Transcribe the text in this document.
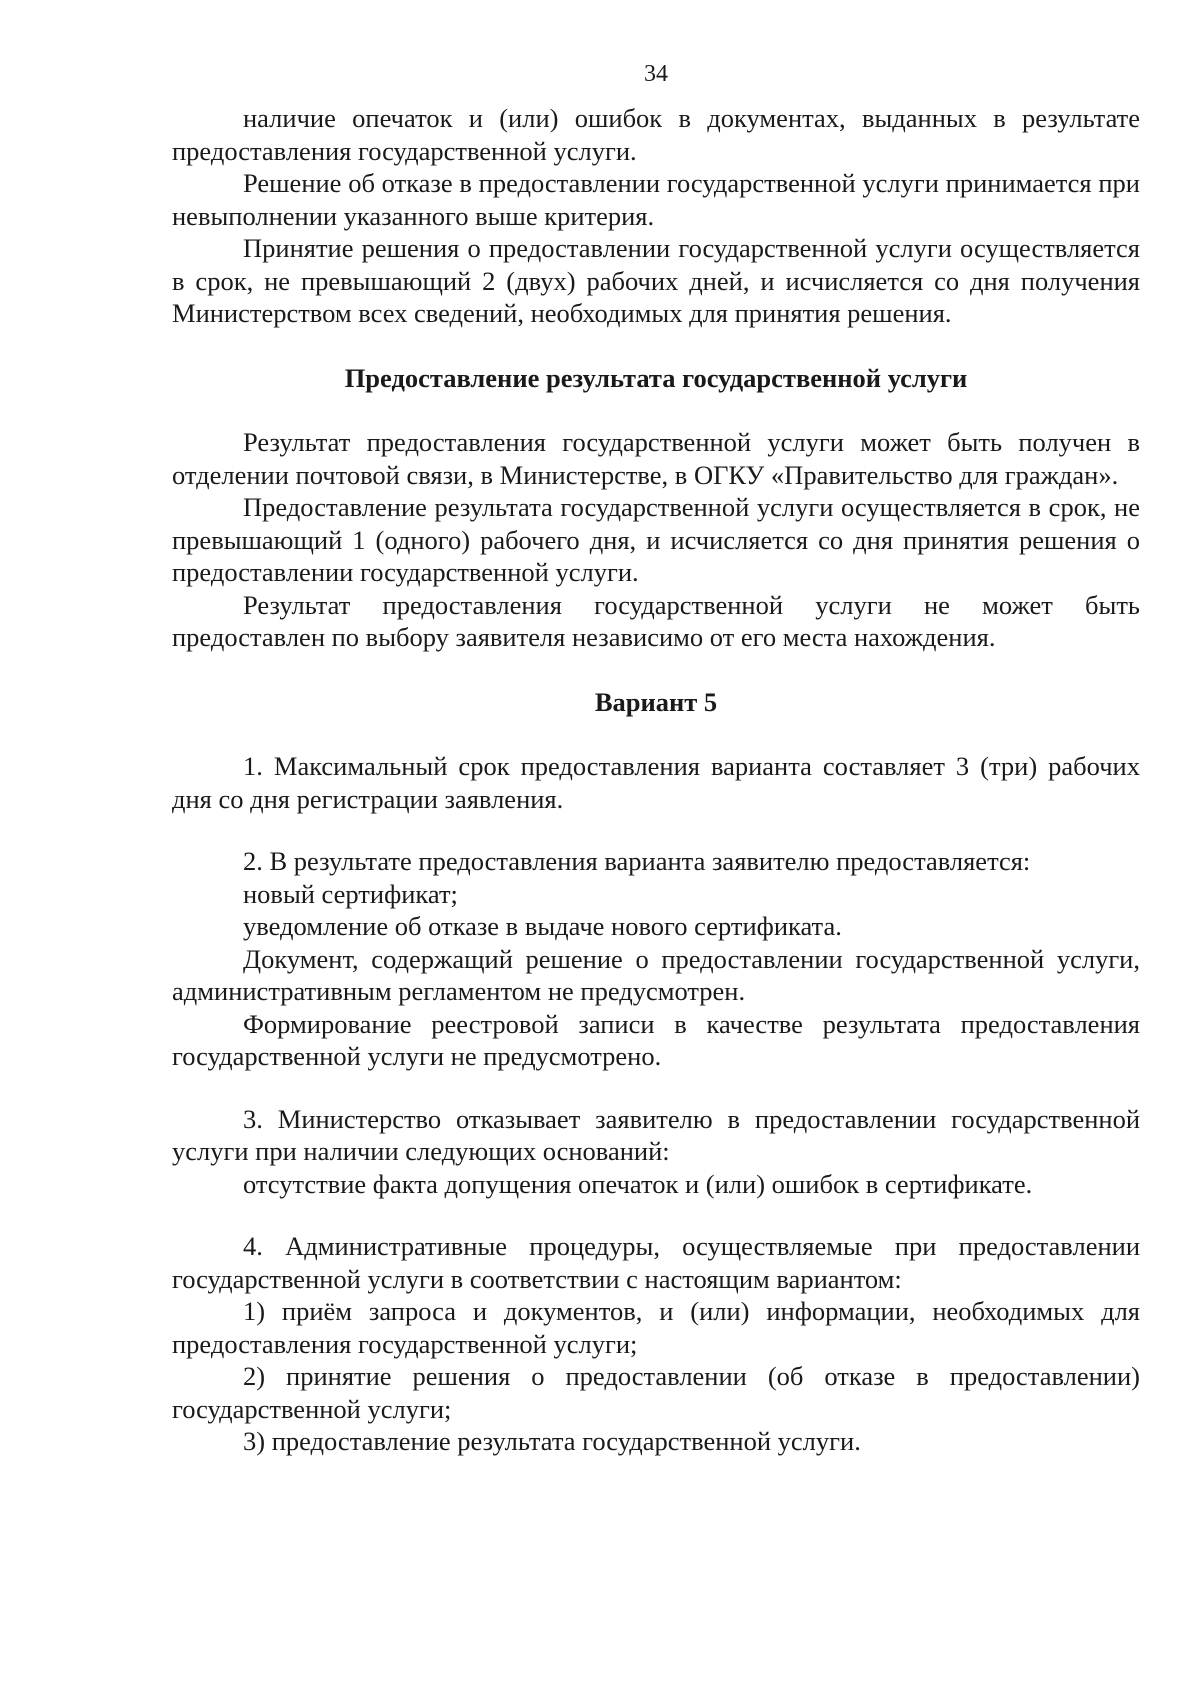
34

наличие опечаток и (или) ошибок в документах, выданных в результате предоставления государственной услуги.

Решение об отказе в предоставлении государственной услуги принимается при невыполнении указанного выше критерия.

Принятие решения о предоставлении государственной услуги осуществляется в срок, не превышающий 2 (двух) рабочих дней, и исчисляется со дня получения Министерством всех сведений, необходимых для принятия решения.

Предоставление результата государственной услуги

Результат предоставления государственной услуги может быть получен в отделении почтовой связи, в Министерстве, в ОГКУ «Правительство для граждан».

Предоставление результата государственной услуги осуществляется в срок, не превышающий 1 (одного) рабочего дня, и исчисляется со дня принятия решения о предоставлении государственной услуги.

Результат предоставления государственной услуги не может быть предоставлен по выбору заявителя независимо от его места нахождения.

Вариант 5

1. Максимальный срок предоставления варианта составляет 3 (три) рабочих дня со дня регистрации заявления.

2. В результате предоставления варианта заявителю предоставляется:

новый сертификат;

уведомление об отказе в выдаче нового сертификата.

Документ, содержащий решение о предоставлении государственной услуги, административным регламентом не предусмотрен.

Формирование реестровой записи в качестве результата предоставления государственной услуги не предусмотрено.

3. Министерство отказывает заявителю в предоставлении государственной услуги при наличии следующих оснований:

отсутствие факта допущения опечаток и (или) ошибок в сертификате.

4. Административные процедуры, осуществляемые при предоставлении государственной услуги в соответствии с настоящим вариантом:

1) приём запроса и документов, и (или) информации, необходимых для предоставления государственной услуги;

2) принятие решения о предоставлении (об отказе в предоставлении) государственной услуги;

3) предоставление результата государственной услуги.
